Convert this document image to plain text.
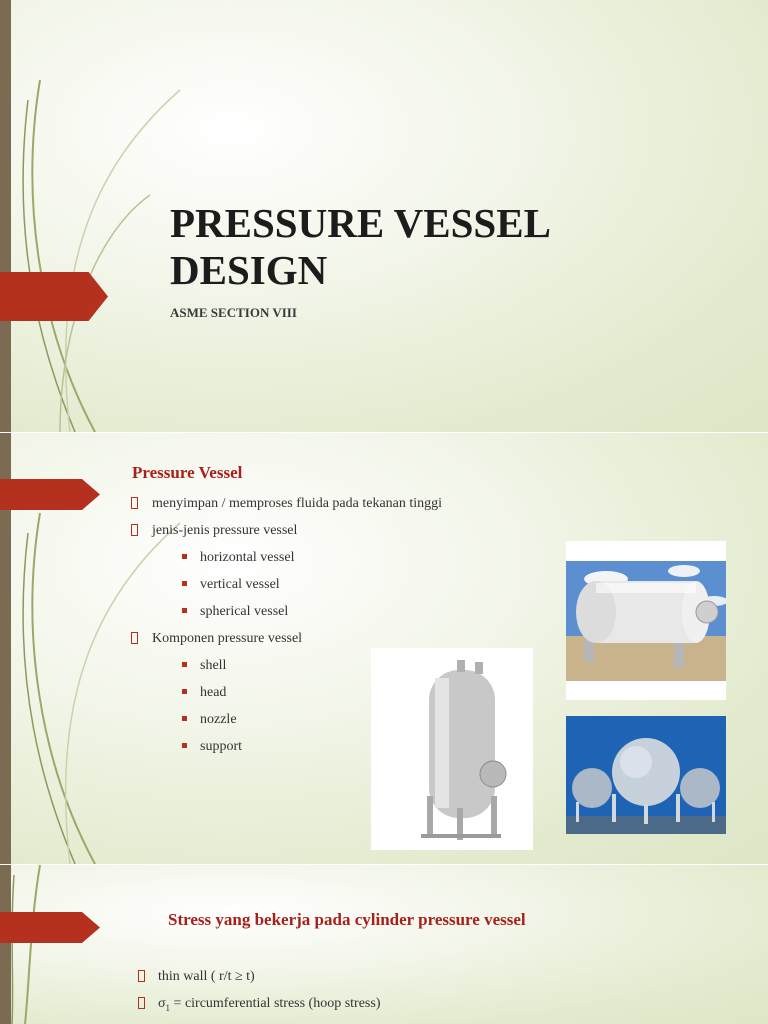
PRESSURE VESSEL DESIGN

ASME SECTION VIII

Pressure Vessel
menyimpan / memproses fluida pada tekanan tinggi
jenis-jenis pressure vessel
horizontal vessel
vertical vessel
spherical vessel
Komponen pressure vessel
shell
head
nozzle
support
Stress yang bekerja pada cylinder pressure vessel
thin wall ( r/t ≥ t)
$\sigma_1$ = circumferential stress (hoop stress)
